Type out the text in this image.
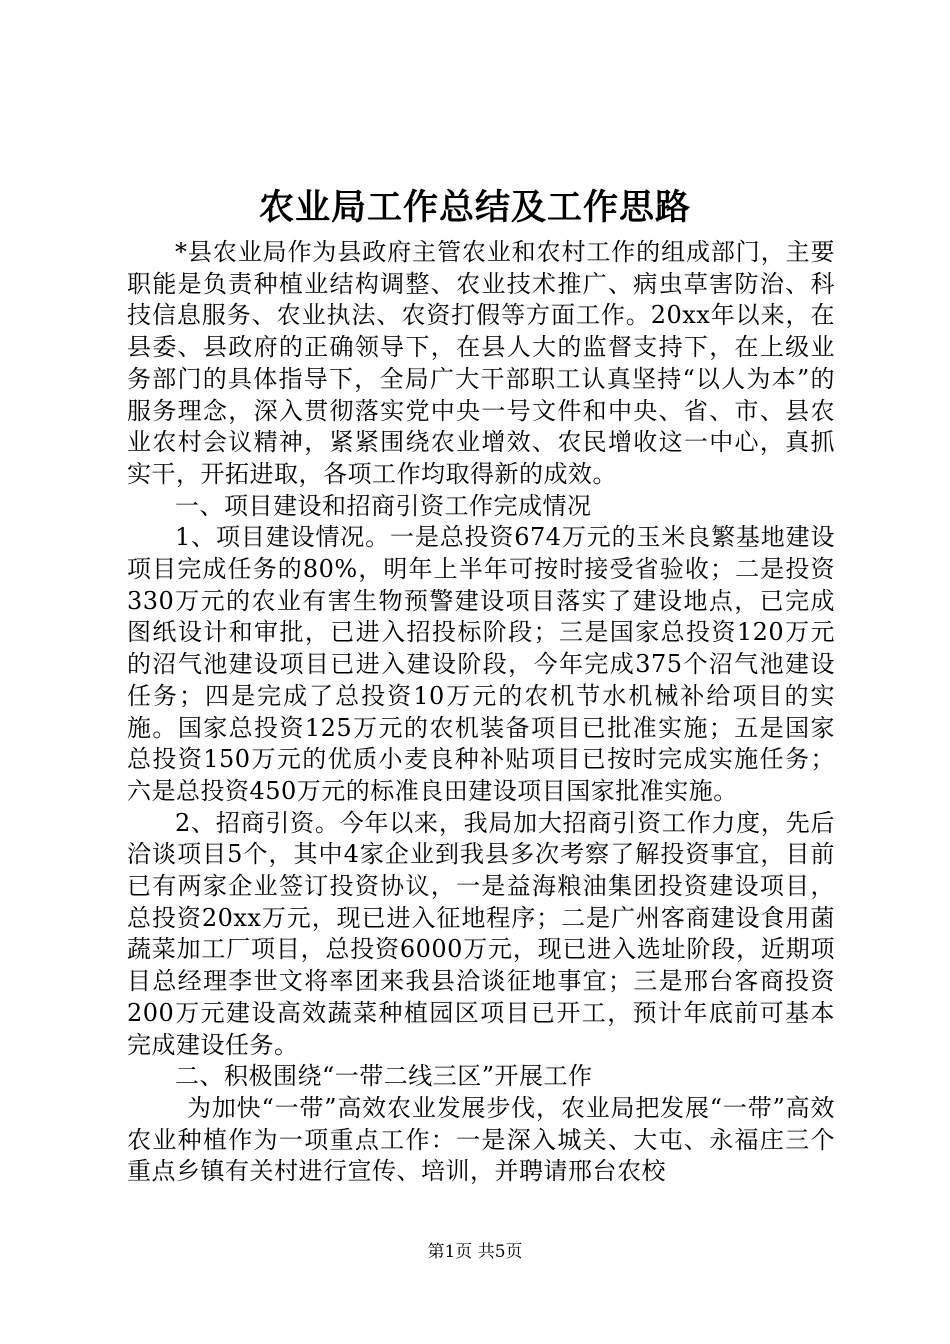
农业局工作总结及工作思路

*县农业局作为县政府主管农业和农村工作的组成部门，主要职能是负责种植业结构调整、农业技术推广、病虫草害防治、科技信息服务、农业执法、农资打假等方面工作。20xx年以来，在县委、县政府的正确领导下，在县人大的监督支持下，在上级业务部门的具体指导下，全局广大干部职工认真坚持“以人为本”的服务理念，深入贯彻落实党中央一号文件和中央、省、市、县农业农村会议精神，紧紧围绕农业增效、农民增收这一中心，真抓实干，开拓进取，各项工作均取得新的成效。

一、项目建设和招商引资工作完成情况

1、项目建设情况。一是总投资674万元的玉米良繁基地建设项目完成任务的80%，明年上半年可按时接受省验收；二是投资330万元的农业有害生物预警建设项目落实了建设地点，已完成图纸设计和审批，已进入招投标阶段；三是国家总投资120万元的沼气池建设项目已进入建设阶段，今年完成375个沼气池建设任务；四是完成了总投资10万元的农机节水机械补给项目的实施。国家总投资125万元的农机装备项目已批准实施；五是国家总投资150万元的优质小麦良种补贴项目已按时完成实施任务；六是总投资450万元的标准良田建设项目国家批准实施。

2、招商引资。今年以来，我局加大招商引资工作力度，先后洽谈项目5个，其中4家企业到我县多次考察了解投资事宜，目前已有两家企业签订投资协议，一是益海粮油集团投资建设项目，总投资20xx万元，现已进入征地程序；二是广州客商建设食用菌蔬菜加工厂项目，总投资6000万元，现已进入选址阶段，近期项目总经理李世文将率团来我县洽谈征地事宜；三是邢台客商投资200万元建设高效蔬菜种植园区项目已开工，预计年底前可基本完成建设任务。

二、积极围绕“一带二线三区”开展工作

为加快“一带”高效农业发展步伐，农业局把发展“一带”高效农业种植作为一项重点工作：一是深入城关、大屯、永福庄三个重点乡镇有关村进行宣传、培训，并聘请邢台农校

第1页 共5页
